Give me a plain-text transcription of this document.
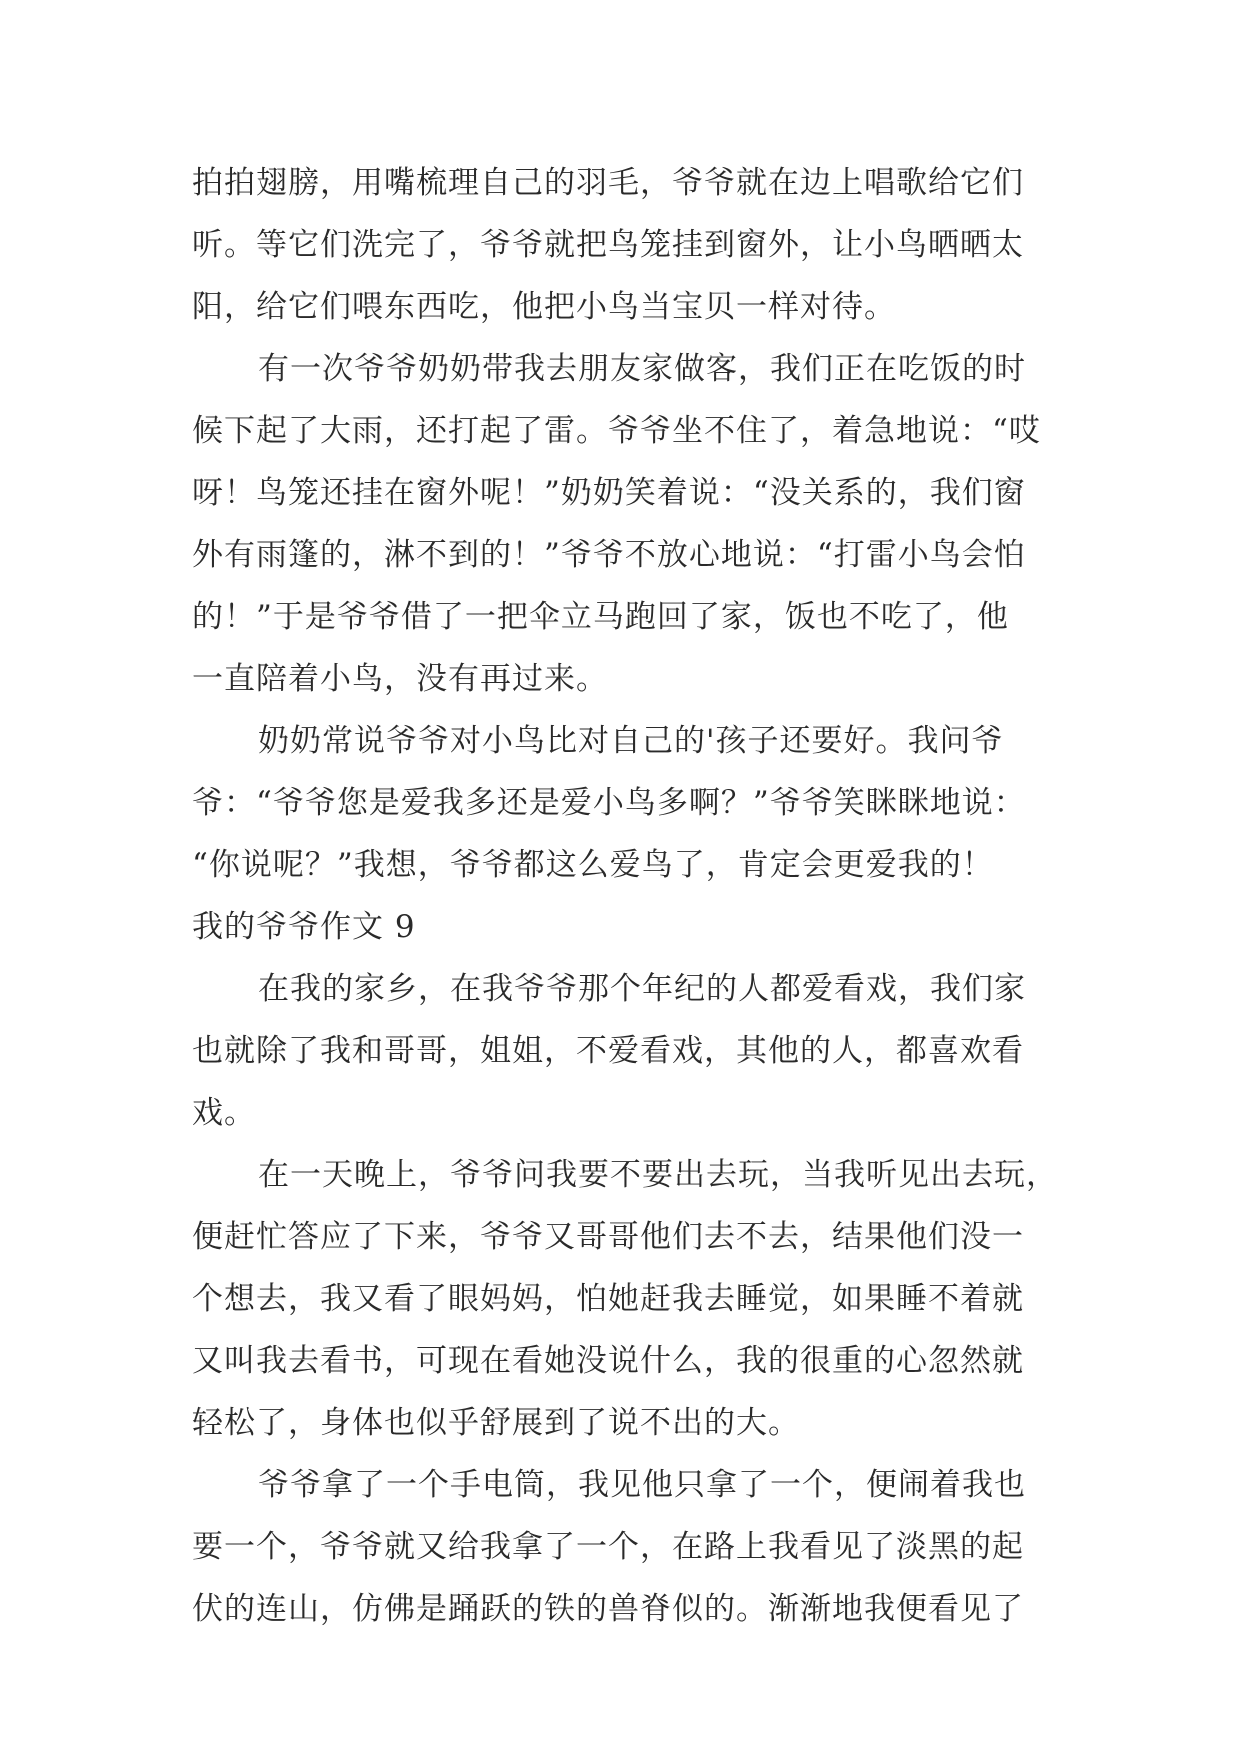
拍拍翅膀，用嘴梳理自己的羽毛，爷爷就在边上唱歌给它们
听。等它们洗完了，爷爷就把鸟笼挂到窗外，让小鸟晒晒太
阳，给它们喂东西吃，他把小鸟当宝贝一样对待。
有一次爷爷奶奶带我去朋友家做客，我们正在吃饭的时
候下起了大雨，还打起了雷。爷爷坐不住了，着急地说：“哎
呀！鸟笼还挂在窗外呢！”奶奶笑着说：“没关系的，我们窗
外有雨篷的，淋不到的！”爷爷不放心地说：“打雷小鸟会怕
的！”于是爷爷借了一把伞立马跑回了家，饭也不吃了，他
一直陪着小鸟，没有再过来。
奶奶常说爷爷对小鸟比对自己的'孩子还要好。我问爷
爷：“爷爷您是爱我多还是爱小鸟多啊？”爷爷笑眯眯地说：
“你说呢？”我想，爷爷都这么爱鸟了，肯定会更爱我的！
我的爷爷作文 9
在我的家乡，在我爷爷那个年纪的人都爱看戏，我们家
也就除了我和哥哥，姐姐，不爱看戏，其他的人，都喜欢看
戏。
在一天晚上，爷爷问我要不要出去玩，当我听见出去玩，
便赶忙答应了下来，爷爷又哥哥他们去不去，结果他们没一
个想去，我又看了眼妈妈，怕她赶我去睡觉，如果睡不着就
又叫我去看书，可现在看她没说什么，我的很重的心忽然就
轻松了，身体也似乎舒展到了说不出的大。
爷爷拿了一个手电筒，我见他只拿了一个，便闹着我也
要一个，爷爷就又给我拿了一个，在路上我看见了淡黑的起
伏的连山，仿佛是踊跃的铁的兽脊似的。渐渐地我便看见了
